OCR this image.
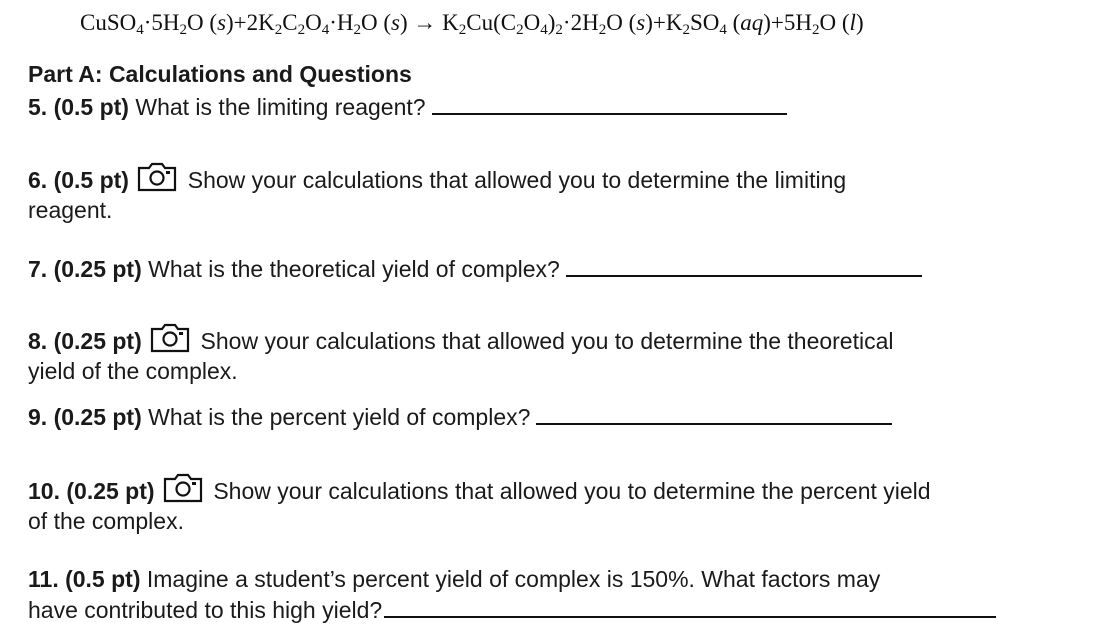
$CuSO_4\cdot 5H_2O$ $(s)+2K_2C_2O_4\cdot H_2O$ $(s) \to K_2Cu(C_2O_4)_2\cdot 2H_2O$ $(s)+K_2SO_4$ $(aq)+5H_2O$ (l)
Part A: Calculations and Questions
5. (0.5 pt) What is the limiting reagent?
6. (0.5 pt)  Show your calculations that allowed you to determine the limiting
reagent.
7. (0.25 pt) What is the theoretical yield of complex?
8. (0.25 pt)  Show your calculations that allowed you to determine the theoretical
yield of the complex.
9. (0.25 pt) What is the percent yield of complex?
10. (0.25 pt)  Show your calculations that allowed you to determine the percent yield
of the complex.
11. (0.5 pt) Imagine a student’s percent yield of complex is 150%. What factors may
have contributed to this high yield?
